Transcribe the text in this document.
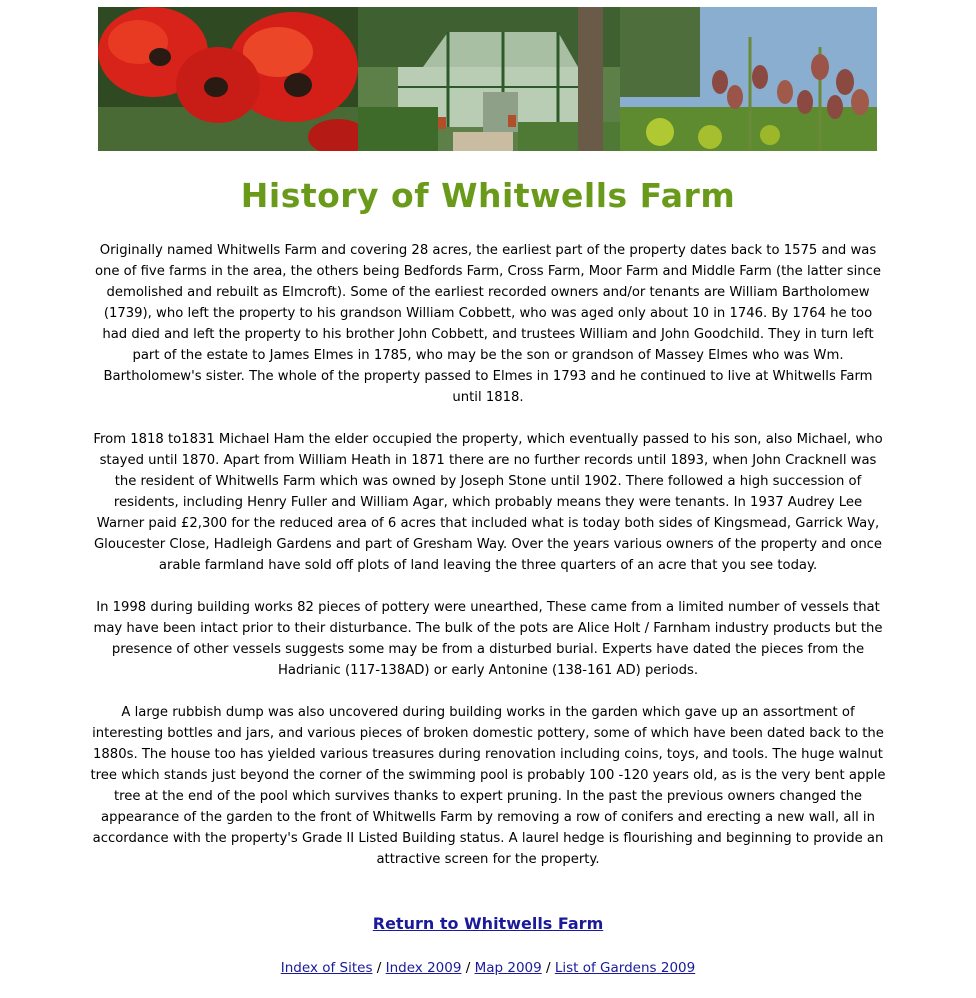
History of Whitwells Farm

Originally named Whitwells Farm and covering 28 acres, the earliest part of the property dates back to 1575 and was one of five farms in the area, the others being Bedfords Farm, Cross Farm, Moor Farm and Middle Farm (the latter since demolished and rebuilt as Elmcroft). Some of the earliest recorded owners and/or tenants are William Bartholomew (1739), who left the property to his grandson William Cobbett, who was aged only about 10 in 1746. By 1764 he too had died and left the property to his brother John Cobbett, and trustees William and John Goodchild. They in turn left part of the estate to James Elmes in 1785, who may be the son or grandson of Massey Elmes who was Wm. Bartholomew's sister. The whole of the property passed to Elmes in 1793 and he continued to live at Whitwells Farm until 1818.

From 1818 to1831 Michael Ham the elder occupied the property, which eventually passed to his son, also Michael, who stayed until 1870. Apart from William Heath in 1871 there are no further records until 1893, when John Cracknell was the resident of Whitwells Farm which was owned by Joseph Stone until 1902. There followed a high succession of residents, including Henry Fuller and William Agar, which probably means they were tenants. In 1937 Audrey Lee Warner paid £2,300 for the reduced area of 6 acres that included what is today both sides of Kingsmead, Garrick Way, Gloucester Close, Hadleigh Gardens and part of Gresham Way. Over the years various owners of the property and once arable farmland have sold off plots of land leaving the three quarters of an acre that you see today.

In 1998 during building works 82 pieces of pottery were unearthed, These came from a limited number of vessels that may have been intact prior to their disturbance. The bulk of the pots are Alice Holt / Farnham industry products but the presence of other vessels suggests some may be from a disturbed burial. Experts have dated the pieces from the Hadrianic (117-138AD) or early Antonine (138-161 AD) periods.

A large rubbish dump was also uncovered during building works in the garden which gave up an assortment of interesting bottles and jars, and various pieces of broken domestic pottery, some of which have been dated back to the 1880s. The house too has yielded various treasures during renovation including coins, toys, and tools. The huge walnut tree which stands just beyond the corner of the swimming pool is probably 100 -120 years old, as is the very bent apple tree at the end of the pool which survives thanks to expert pruning. In the past the previous owners changed the appearance of the garden to the front of Whitwells Farm by removing a row of conifers and erecting a new wall, all in accordance with the property's Grade II Listed Building status. A laurel hedge is flourishing and beginning to provide an attractive screen for the property.

Return to Whitwells Farm
Index of Sites / Index 2009 / Map 2009 / List of Gardens 2009
